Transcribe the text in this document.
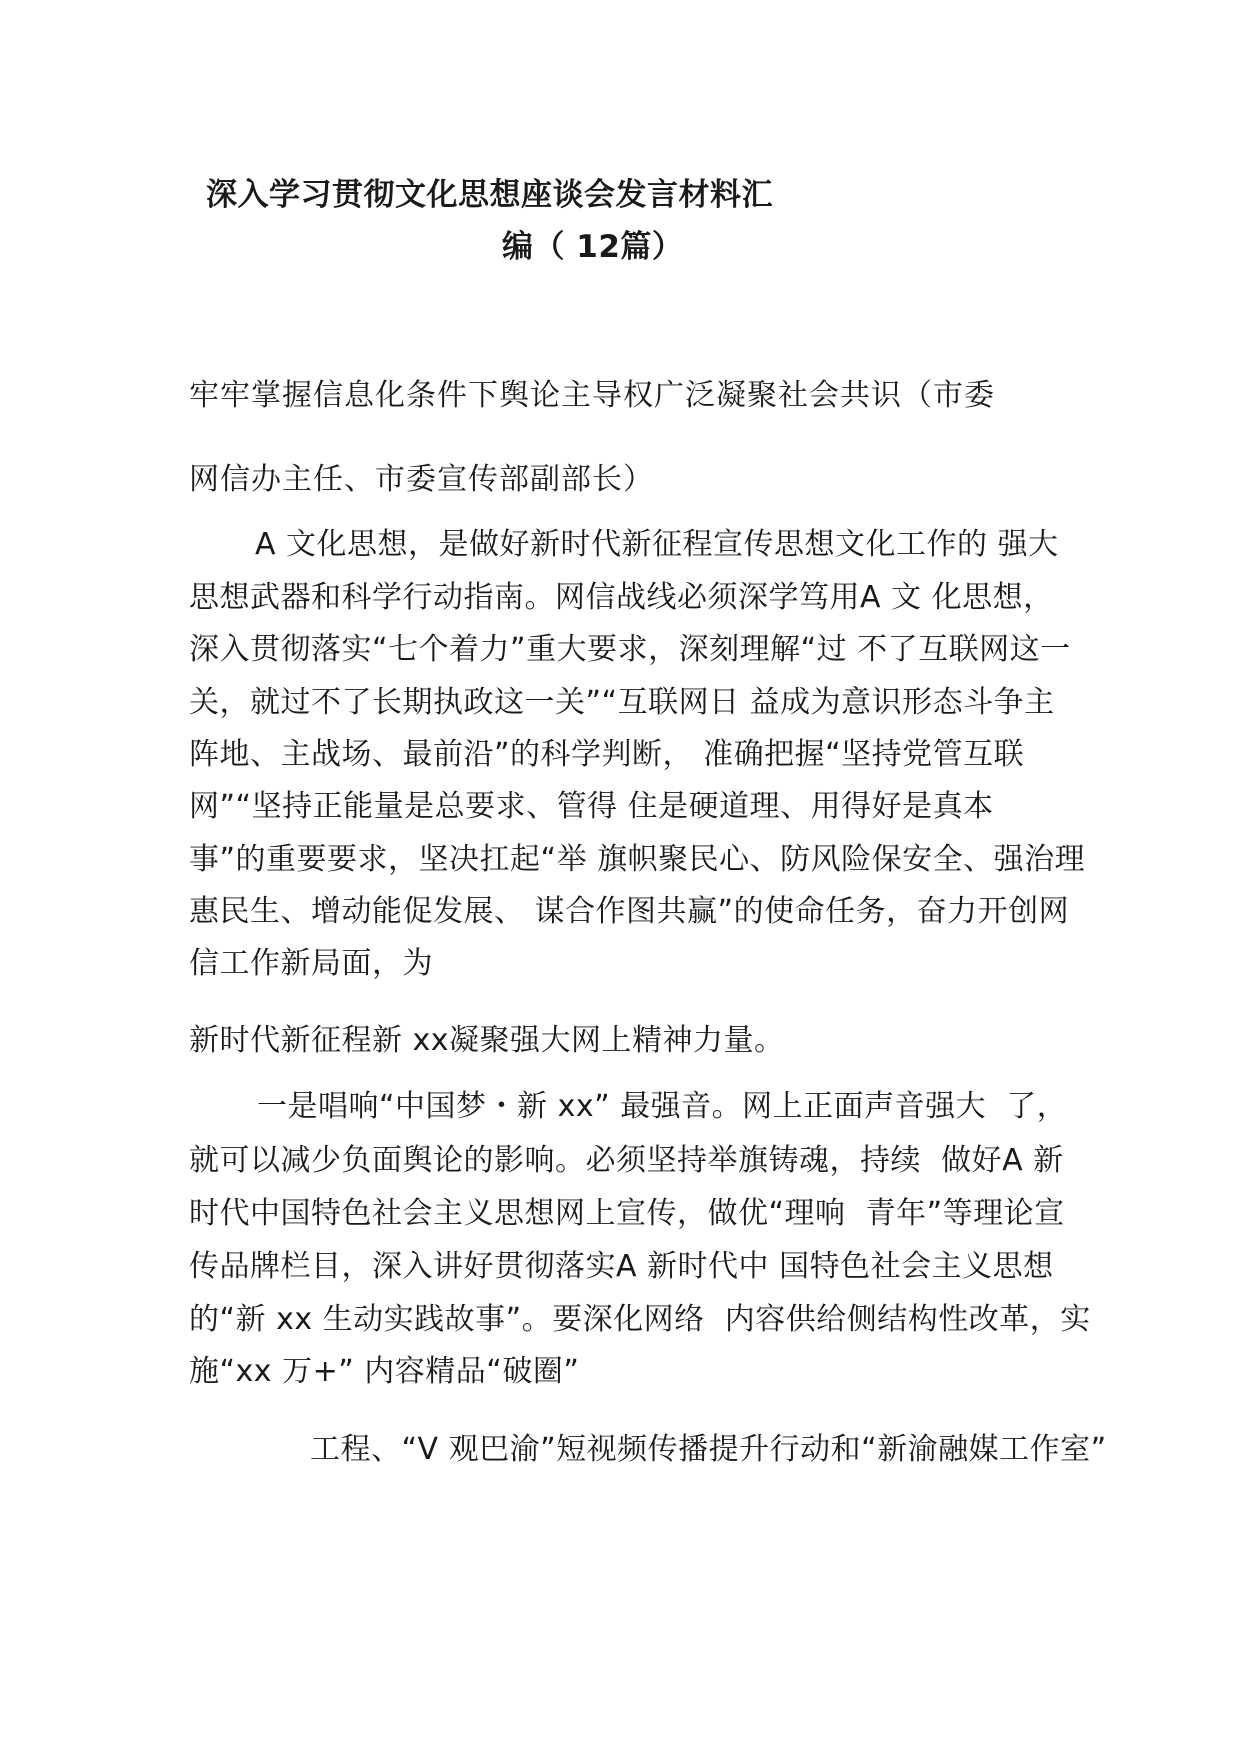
深入学习贯彻文化思想座谈会发言材料汇
编（ 12篇）
牢牢掌握信息化条件下舆论主导权广泛凝聚社会共识（市委
网信办主任、市委宣传部副部长）
A 文化思想，是做好新时代新征程宣传思想文化工作的 强大
思想武器和科学行动指南。网信战线必须深学笃用A 文 化思想，
深入贯彻落实“七个着力”重大要求，深刻理解“过 不了互联网这一
关，就过不了长期执政这一关”“互联网日 益成为意识形态斗争主
阵地、主战场、最前沿”的科学判断， 准确把握“坚持党管互联
网”“坚持正能量是总要求、管得 住是硬道理、用得好是真本
事”的重要要求，坚决扛起“举 旗帜聚民心、防风险保安全、强治理
惠民生、增动能促发展、 谋合作图共赢”的使命任务，奋力开创网
信工作新局面，为
新时代新征程新 xx凝聚强大网上精神力量。
一是唱响“中国梦・新 xx” 最强音。网上正面声音强大  了，
就可以减少负面舆论的影响。必须坚持举旗铸魂，持续  做好A 新
时代中国特色社会主义思想网上宣传，做优“理响  青年”等理论宣
传品牌栏目，深入讲好贯彻落实A 新时代中 国特色社会主义思想
的“新 xx 生动实践故事”。要深化网络  内容供给侧结构性改革，实
施“xx 万+” 内容精品“破圈”
工程、“V 观巴渝”短视频传播提升行动和“新渝融媒工作室”
